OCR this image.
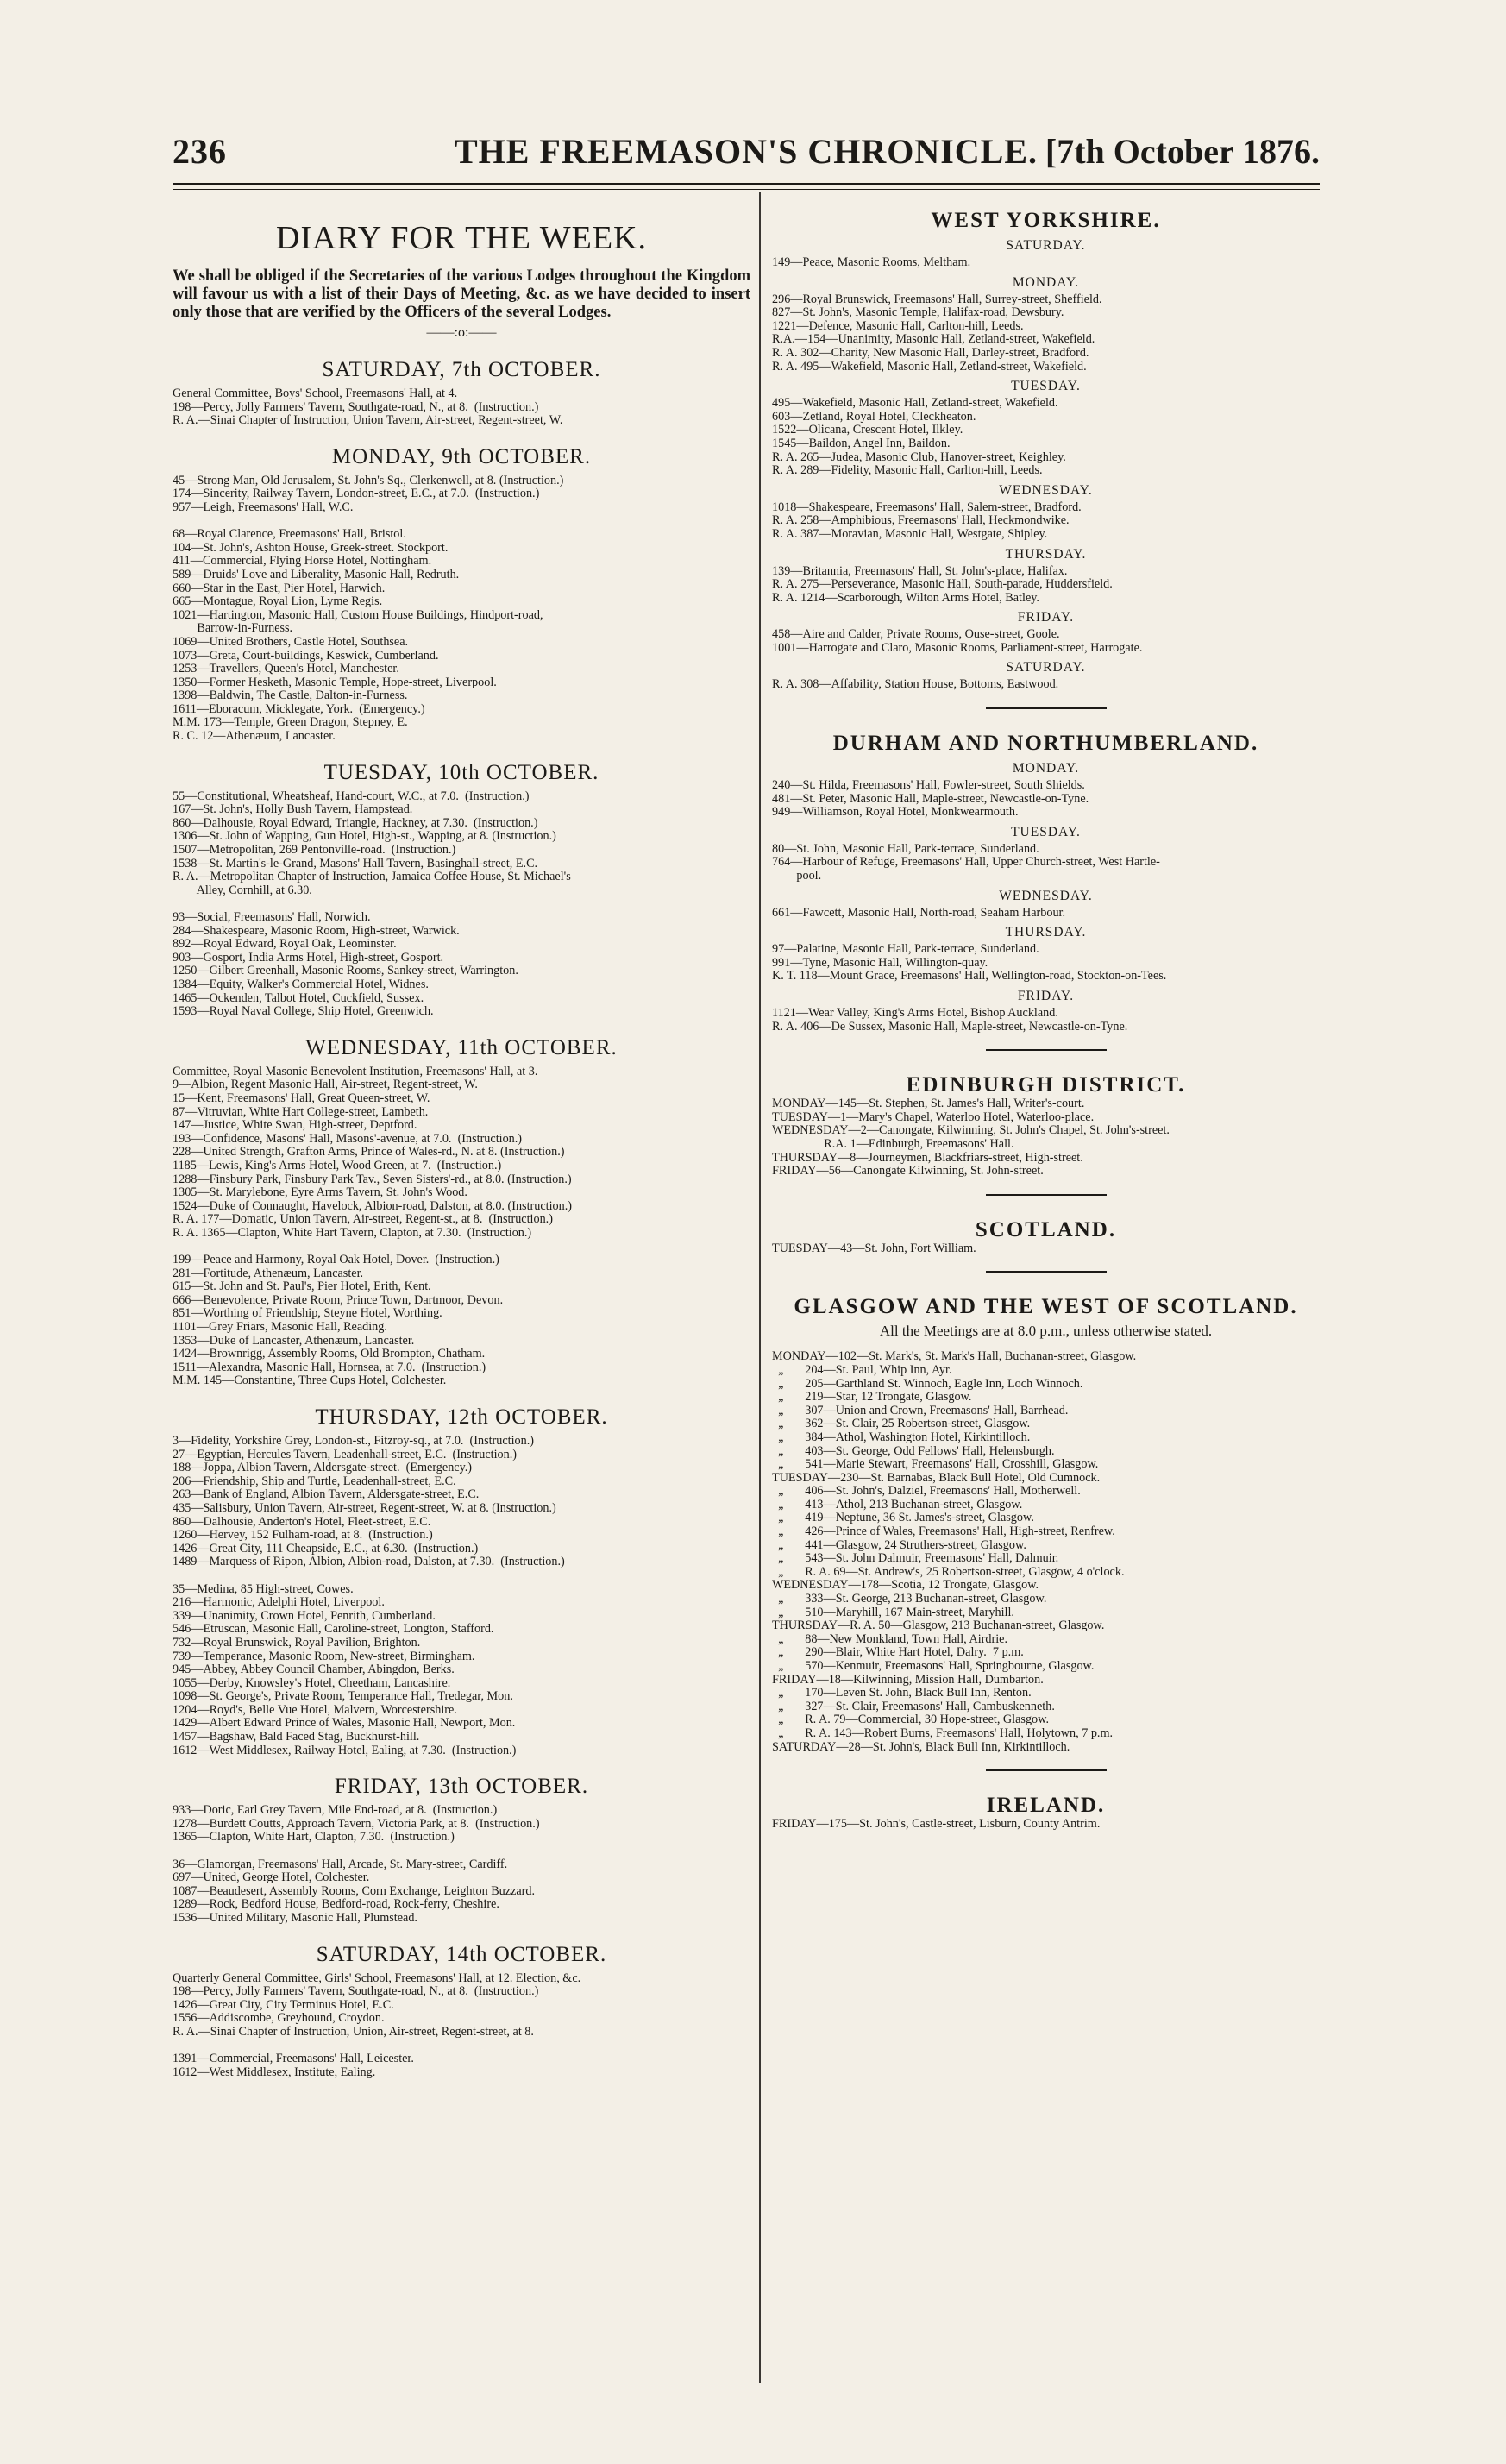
236	THE FREEMASON'S CHRONICLE. [7th October 1876.
DIARY FOR THE WEEK.
We shall be obliged if the Secretaries of the various Lodges throughout the Kingdom will favour us with a list of their Days of Meeting, &c. as we have decided to insert only those that are verified by the Officers of the several Lodges.
——:o:——
SATURDAY, 7th OCTOBER.
General Committee, Boys' School, Freemasons' Hall, at 4.
198—Percy, Jolly Farmers' Tavern, Southgate-road, N., at 8.  (Instruction.)
R. A.—Sinai Chapter of Instruction, Union Tavern, Air-street, Regent-street, W.
MONDAY, 9th OCTOBER.
45—Strong Man, Old Jerusalem, St. John's Sq., Clerkenwell, at 8. (Instruction.)
174—Sincerity, Railway Tavern, London-street, E.C., at 7.0.  (Instruction.)
957—Leigh, Freemasons' Hall, W.C.

68—Royal Clarence, Freemasons' Hall, Bristol.
104—St. John's, Ashton House, Greek-street. Stockport.
411—Commercial, Flying Horse Hotel, Nottingham.
589—Druids' Love and Liberality, Masonic Hall, Redruth.
660—Star in the East, Pier Hotel, Harwich.
665—Montague, Royal Lion, Lyme Regis.
1021—Hartington, Masonic Hall, Custom House Buildings, Hindport-road,
Barrow-in-Furness.
1069—United Brothers, Castle Hotel, Southsea.
1073—Greta, Court-buildings, Keswick, Cumberland.
1253—Travellers, Queen's Hotel, Manchester.
1350—Former Hesketh, Masonic Temple, Hope-street, Liverpool.
1398—Baldwin, The Castle, Dalton-in-Furness.
1611—Eboracum, Micklegate, York.  (Emergency.)
M.M. 173—Temple, Green Dragon, Stepney, E.
R. C. 12—Athenæum, Lancaster.
TUESDAY, 10th OCTOBER.
55—Constitutional, Wheatsheaf, Hand-court, W.C., at 7.0.  (Instruction.)
167—St. John's, Holly Bush Tavern, Hampstead.
860—Dalhousie, Royal Edward, Triangle, Hackney, at 7.30.  (Instruction.)
1306—St. John of Wapping, Gun Hotel, High-st., Wapping, at 8. (Instruction.)
1507—Metropolitan, 269 Pentonville-road.  (Instruction.)
1538—St. Martin's-le-Grand, Masons' Hall Tavern, Basinghall-street, E.C.
R. A.—Metropolitan Chapter of Instruction, Jamaica Coffee House, St. Michael's
Alley, Cornhill, at 6.30.

93—Social, Freemasons' Hall, Norwich.
284—Shakespeare, Masonic Room, High-street, Warwick.
892—Royal Edward, Royal Oak, Leominster.
903—Gosport, India Arms Hotel, High-street, Gosport.
1250—Gilbert Greenhall, Masonic Rooms, Sankey-street, Warrington.
1384—Equity, Walker's Commercial Hotel, Widnes.
1465—Ockenden, Talbot Hotel, Cuckfield, Sussex.
1593—Royal Naval College, Ship Hotel, Greenwich.
WEDNESDAY, 11th OCTOBER.
Committee, Royal Masonic Benevolent Institution, Freemasons' Hall, at 3.
9—Albion, Regent Masonic Hall, Air-street, Regent-street, W.
15—Kent, Freemasons' Hall, Great Queen-street, W.
87—Vitruvian, White Hart College-street, Lambeth.
147—Justice, White Swan, High-street, Deptford.
193—Confidence, Masons' Hall, Masons'-avenue, at 7.0.  (Instruction.)
228—United Strength, Grafton Arms, Prince of Wales-rd., N. at 8. (Instruction.)
1185—Lewis, King's Arms Hotel, Wood Green, at 7.  (Instruction.)
1288—Finsbury Park, Finsbury Park Tav., Seven Sisters'-rd., at 8.0. (Instruction.)
1305—St. Marylebone, Eyre Arms Tavern, St. John's Wood.
1524—Duke of Connaught, Havelock, Albion-road, Dalston, at 8.0. (Instruction.)
R. A. 177—Domatic, Union Tavern, Air-street, Regent-st., at 8.  (Instruction.)
R. A. 1365—Clapton, White Hart Tavern, Clapton, at 7.30.  (Instruction.)

199—Peace and Harmony, Royal Oak Hotel, Dover.  (Instruction.)
281—Fortitude, Athenæum, Lancaster.
615—St. John and St. Paul's, Pier Hotel, Erith, Kent.
666—Benevolence, Private Room, Prince Town, Dartmoor, Devon.
851—Worthing of Friendship, Steyne Hotel, Worthing.
1101—Grey Friars, Masonic Hall, Reading.
1353—Duke of Lancaster, Athenæum, Lancaster.
1424—Brownrigg, Assembly Rooms, Old Brompton, Chatham.
1511—Alexandra, Masonic Hall, Hornsea, at 7.0.  (Instruction.)
M.M. 145—Constantine, Three Cups Hotel, Colchester.
THURSDAY, 12th OCTOBER.
3—Fidelity, Yorkshire Grey, London-st., Fitzroy-sq., at 7.0.  (Instruction.)
27—Egyptian, Hercules Tavern, Leadenhall-street, E.C.  (Instruction.)
188—Joppa, Albion Tavern, Aldersgate-street.  (Emergency.)
206—Friendship, Ship and Turtle, Leadenhall-street, E.C.
263—Bank of England, Albion Tavern, Aldersgate-street, E.C.
435—Salisbury, Union Tavern, Air-street, Regent-street, W. at 8. (Instruction.)
860—Dalhousie, Anderton's Hotel, Fleet-street, E.C.
1260—Hervey, 152 Fulham-road, at 8.  (Instruction.)
1426—Great City, 111 Cheapside, E.C., at 6.30.  (Instruction.)
1489—Marquess of Ripon, Albion, Albion-road, Dalston, at 7.30.  (Instruction.)

35—Medina, 85 High-street, Cowes.
216—Harmonic, Adelphi Hotel, Liverpool.
339—Unanimity, Crown Hotel, Penrith, Cumberland.
546—Etruscan, Masonic Hall, Caroline-street, Longton, Stafford.
732—Royal Brunswick, Royal Pavilion, Brighton.
739—Temperance, Masonic Room, New-street, Birmingham.
945—Abbey, Abbey Council Chamber, Abingdon, Berks.
1055—Derby, Knowsley's Hotel, Cheetham, Lancashire.
1098—St. George's, Private Room, Temperance Hall, Tredegar, Mon.
1204—Royd's, Belle Vue Hotel, Malvern, Worcestershire.
1429—Albert Edward Prince of Wales, Masonic Hall, Newport, Mon.
1457—Bagshaw, Bald Faced Stag, Buckhurst-hill.
1612—West Middlesex, Railway Hotel, Ealing, at 7.30.  (Instruction.)
FRIDAY, 13th OCTOBER.
933—Doric, Earl Grey Tavern, Mile End-road, at 8.  (Instruction.)
1278—Burdett Coutts, Approach Tavern, Victoria Park, at 8.  (Instruction.)
1365—Clapton, White Hart, Clapton, 7.30.  (Instruction.)

36—Glamorgan, Freemasons' Hall, Arcade, St. Mary-street, Cardiff.
697—United, George Hotel, Colchester.
1087—Beaudesert, Assembly Rooms, Corn Exchange, Leighton Buzzard.
1289—Rock, Bedford House, Bedford-road, Rock-ferry, Cheshire.
1536—United Military, Masonic Hall, Plumstead.
SATURDAY, 14th OCTOBER.
Quarterly General Committee, Girls' School, Freemasons' Hall, at 12. Election, &c.
198—Percy, Jolly Farmers' Tavern, Southgate-road, N., at 8.  (Instruction.)
1426—Great City, City Terminus Hotel, E.C.
1556—Addiscombe, Greyhound, Croydon.
R. A.—Sinai Chapter of Instruction, Union, Air-street, Regent-street, at 8.

1391—Commercial, Freemasons' Hall, Leicester.
1612—West Middlesex, Institute, Ealing.
WEST YORKSHIRE.
SATURDAY.
149—Peace, Masonic Rooms, Meltham.
MONDAY.
296—Royal Brunswick, Freemasons' Hall, Surrey-street, Sheffield.
827—St. John's, Masonic Temple, Halifax-road, Dewsbury.
1221—Defence, Masonic Hall, Carlton-hill, Leeds.
R.A.—154—Unanimity, Masonic Hall, Zetland-street, Wakefield.
R. A. 302—Charity, New Masonic Hall, Darley-street, Bradford.
R. A. 495—Wakefield, Masonic Hall, Zetland-street, Wakefield.
TUESDAY.
495—Wakefield, Masonic Hall, Zetland-street, Wakefield.
603—Zetland, Royal Hotel, Cleckheaton.
1522—Olicana, Crescent Hotel, Ilkley.
1545—Baildon, Angel Inn, Baildon.
R. A. 265—Judea, Masonic Club, Hanover-street, Keighley.
R. A. 289—Fidelity, Masonic Hall, Carlton-hill, Leeds.
WEDNESDAY.
1018—Shakespeare, Freemasons' Hall, Salem-street, Bradford.
R. A. 258—Amphibious, Freemasons' Hall, Heckmondwike.
R. A. 387—Moravian, Masonic Hall, Westgate, Shipley.
THURSDAY.
139—Britannia, Freemasons' Hall, St. John's-place, Halifax.
R. A. 275—Perseverance, Masonic Hall, South-parade, Huddersfield.
R. A. 1214—Scarborough, Wilton Arms Hotel, Batley.
FRIDAY.
458—Aire and Calder, Private Rooms, Ouse-street, Goole.
1001—Harrogate and Claro, Masonic Rooms, Parliament-street, Harrogate.
SATURDAY.
R. A. 308—Affability, Station House, Bottoms, Eastwood.
DURHAM AND NORTHUMBERLAND.
MONDAY.
240—St. Hilda, Freemasons' Hall, Fowler-street, South Shields.
481—St. Peter, Masonic Hall, Maple-street, Newcastle-on-Tyne.
949—Williamson, Royal Hotel, Monkwearmouth.
TUESDAY.
80—St. John, Masonic Hall, Park-terrace, Sunderland.
764—Harbour of Refuge, Freemasons' Hall, Upper Church-street, West Hartle-
pool.
WEDNESDAY.
661—Fawcett, Masonic Hall, North-road, Seaham Harbour.
THURSDAY.
97—Palatine, Masonic Hall, Park-terrace, Sunderland.
991—Tyne, Masonic Hall, Willington-quay.
K. T. 118—Mount Grace, Freemasons' Hall, Wellington-road, Stockton-on-Tees.
FRIDAY.
1121—Wear Valley, King's Arms Hotel, Bishop Auckland.
R. A. 406—De Sussex, Masonic Hall, Maple-street, Newcastle-on-Tyne.
EDINBURGH DISTRICT.
MONDAY—145—St. Stephen, St. James's Hall, Writer's-court.
TUESDAY—1—Mary's Chapel, Waterloo Hotel, Waterloo-place.
WEDNESDAY—2—Canongate, Kilwinning, St. John's Chapel, St. John's-street.
R.A. 1—Edinburgh, Freemasons' Hall.
THURSDAY—8—Journeymen, Blackfriars-street, High-street.
FRIDAY—56—Canongate Kilwinning, St. John-street.
SCOTLAND.
TUESDAY—43—St. John, Fort William.
GLASGOW AND THE WEST OF SCOTLAND.
All the Meetings are at 8.0 p.m., unless otherwise stated.
MONDAY—102—St. Mark's, St. Mark's Hall, Buchanan-street, Glasgow.
„       204—St. Paul, Whip Inn, Ayr.
„       205—Garthland St. Winnoch, Eagle Inn, Loch Winnoch.
„       219—Star, 12 Trongate, Glasgow.
„       307—Union and Crown, Freemasons' Hall, Barrhead.
„       362—St. Clair, 25 Robertson-street, Glasgow.
„       384—Athol, Washington Hotel, Kirkintilloch.
„       403—St. George, Odd Fellows' Hall, Helensburgh.
„       541—Marie Stewart, Freemasons' Hall, Crosshill, Glasgow.
TUESDAY—230—St. Barnabas, Black Bull Hotel, Old Cumnock.
„       406—St. John's, Dalziel, Freemasons' Hall, Motherwell.
„       413—Athol, 213 Buchanan-street, Glasgow.
„       419—Neptune, 36 St. James's-street, Glasgow.
„       426—Prince of Wales, Freemasons' Hall, High-street, Renfrew.
„       441—Glasgow, 24 Struthers-street, Glasgow.
„       543—St. John Dalmuir, Freemasons' Hall, Dalmuir.
„       R. A. 69—St. Andrew's, 25 Robertson-street, Glasgow, 4 o'clock.
WEDNESDAY—178—Scotia, 12 Trongate, Glasgow.
„       333—St. George, 213 Buchanan-street, Glasgow.
„       510—Maryhill, 167 Main-street, Maryhill.
THURSDAY—R. A. 50—Glasgow, 213 Buchanan-street, Glasgow.
„       88—New Monkland, Town Hall, Airdrie.
„       290—Blair, White Hart Hotel, Dalry.  7 p.m.
„       570—Kenmuir, Freemasons' Hall, Springbourne, Glasgow.
FRIDAY—18—Kilwinning, Mission Hall, Dumbarton.
„       170—Leven St. John, Black Bull Inn, Renton.
„       327—St. Clair, Freemasons' Hall, Cambuskenneth.
„       R. A. 79—Commercial, 30 Hope-street, Glasgow.
„       R. A. 143—Robert Burns, Freemasons' Hall, Holytown, 7 p.m.
SATURDAY—28—St. John's, Black Bull Inn, Kirkintilloch.
IRELAND.
FRIDAY—175—St. John's, Castle-street, Lisburn, County Antrim.
